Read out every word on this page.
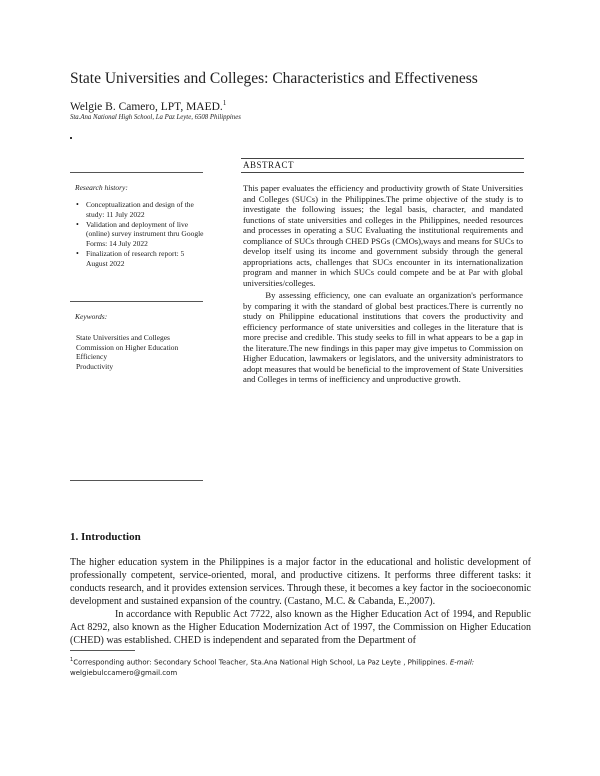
State Universities and Colleges: Characteristics and Effectiveness
Welgie B. Camero, LPT, MAED.$^1$
Sta.Ana National High School, La Paz Leyte, 6508 Philippines
ABSTRACT

This paper evaluates the efficiency and productivity growth of State Universities and Colleges (SUCs) in the Philippines.The prime objective of the study is to investigate the following issues; the legal basis, character, and mandated functions of state universities and colleges in the Philippines, needed resources and processes in operating a SUC Evaluating the institutional requirements and compliance of SUCs through CHED PSGs (CMOs),ways and means for SUCs to develop itself using its income and government subsidy through the general appropriations acts, challenges that SUCs encounter in its internationalization program and manner in which SUCs could compete and be at Par with global universities/colleges.

By assessing efficiency, one can evaluate an organization's performance by comparing it with the standard of global best practices.There is currently no study on Philippine educational institutions that covers the productivity and efficiency performance of state universities and colleges in the literature that is more precise and credible. This study seeks to fill in what appears to be a gap in the literature.The new findings in this paper may give impetus to Commission on Higher Education, lawmakers or legislators, and the university administrators to adopt measures that would be beneficial to the improvement of State Universities and Colleges in terms of inefficiency and unproductive growth.

Research history:
• Conceptualization and design of the study: 11 July 2022
• Validation and deployment of live (online) survey instrument thru Google Forms: 14 July 2022
• Finalization of research report: 5 August 2022
Keywords:
State Universities and Colleges
Commission on Higher Education
Efficiency
Productivity
1. Introduction

The higher education system in the Philippines is a major factor in the educational and holistic development of professionally competent, service-oriented, moral, and productive citizens. It performs three different tasks: it conducts research, and it provides extension services. Through these, it becomes a key factor in the socioeconomic development and sustained expansion of the country. (Castano, M.C. & Cabanda, E.,2007).

In accordance with Republic Act 7722, also known as the Higher Education Act of 1994, and Republic Act 8292, also known as the Higher Education Modernization Act of 1997, the Commission on Higher Education (CHED) was established. CHED is independent and separated from the Department of

$^1$Corresponding author: Secondary School Teacher, Sta.Ana National High School, La Paz Leyte , Philippines. E-mail:
welgiebulccamero@gmail.com
